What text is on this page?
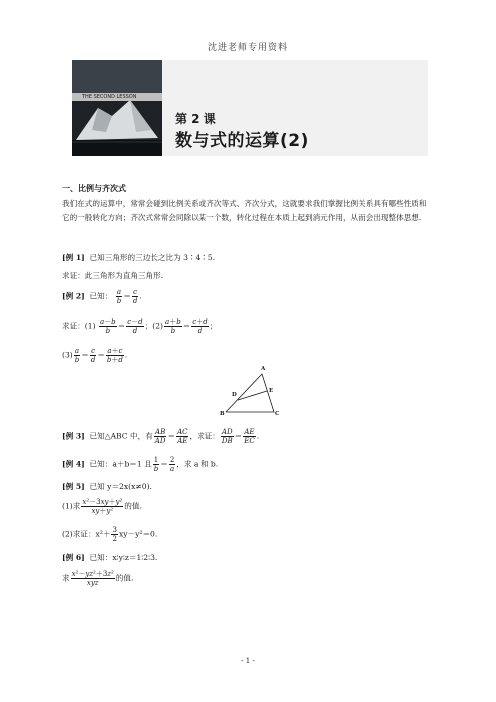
沈进老师专用资料
THE SECOND LESSON
第 2 课
数与式的运算(2)
一、比例与齐次式
我们在式的运算中，常常会碰到比例关系或齐次等式、齐次分式，这就要求我们掌握比例关系具有哪些性质和它的一般转化方向；齐次式常常会同除以某一个数，转化过程在本质上起到消元作用，从而会出现整体思想.
[例 1] 已知三角形的三边长之比为 3∶4∶5.
求证：此三角形为直角三角形.
[例 2] 已知： $\frac{a}{b} = \frac{c}{d}$ .
求证：$(1) \frac{a-b}{b} = \frac{c-d}{d}$ ；$(2) \frac{a+b}{b} = \frac{c+d}{d}$ ；
$(3) \frac{a}{b} = \frac{c}{d} = \frac{a+c}{b+d}$ .
A
B	C
D
E
[例 3] 已知△ABC 中，有 $\frac{AB}{AD} = \frac{AC}{AE}$ ，求证： $\frac{AD}{DB} = \frac{AE}{EC}$ .
[例 4] 已知：a＋b＝1 且 $\frac{1}{b} = \frac{2}{a}$ ，求 a 和 b.
[例 5] 已知 y＝2x(x≠0).
(1)求 $\frac{\text{x²－3xy＋y²}}{\text{xy＋y²}}$ 的值.
(2)求证：$x^2+ \frac{3}{2} xy-y^2=0$.
[例 6] 已知：x∶y∶z＝1∶2∶3.
求 $\frac{\text{x²－yz²＋3z²}}{\text{xyz}}$ 的值.
- 1 -
